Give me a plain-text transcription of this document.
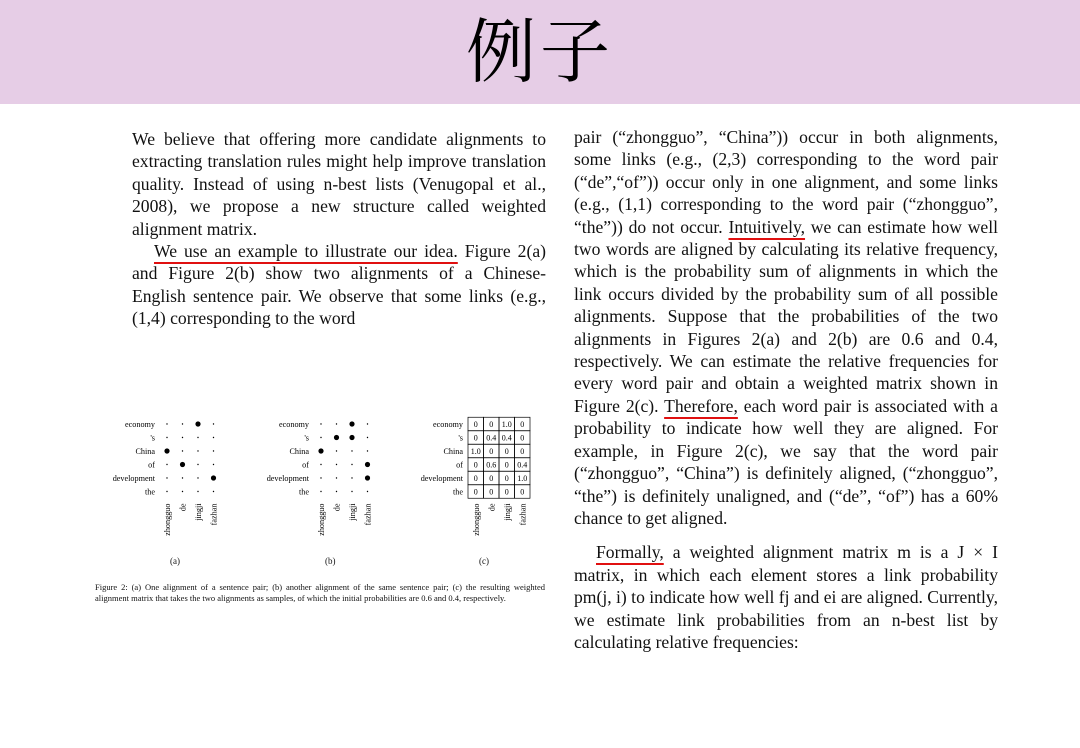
例子

We believe that offering more candidate alignments to extracting translation rules might help improve translation quality. Instead of using n-best lists (Venugopal et al., 2008), we propose a new structure called weighted alignment matrix.

We use an example to illustrate our idea. Figure 2(a) and Figure 2(b) show two alignments of a Chinese-English sentence pair. We observe that some links (e.g., (1,4) corresponding to the word

economy
's
China
of
development
the
zhongguo de jingji fazhan
economy
's
China
of
development
the
zhongguo de jingji fazhan
economy
's
China
of
development
the
zhongguo de jingji fazhan
0 0 1.0 0
0 0.4 0.4 0
1.0 0 0 0
0 0.6 0 0.4
0 0 0 1.0
0 0 0 0
(a)	(b)	(c)
Figure 2: (a) One alignment of a sentence pair; (b) another alignment of the same sentence pair; (c) the resulting weighted alignment matrix that takes the two alignments as samples, of which the initial probabilities are 0.6 and 0.4, respectively.

pair (“zhongguo”, “China”)) occur in both alignments, some links (e.g., (2,3) corresponding to the word pair (“de”,“of”)) occur only in one alignment, and some links (e.g., (1,1) corresponding to the word pair (“zhongguo”, “the”)) do not occur. Intuitively, we can estimate how well two words are aligned by calculating its relative frequency, which is the probability sum of alignments in which the link occurs divided by the probability sum of all possible alignments. Suppose that the probabilities of the two alignments in Figures 2(a) and 2(b) are 0.6 and 0.4, respectively. We can estimate the relative frequencies for every word pair and obtain a weighted matrix shown in Figure 2(c). Therefore, each word pair is associated with a probability to indicate how well they are aligned. For example, in Figure 2(c), we say that the word pair (“zhongguo”, “China”) is definitely aligned, (“zhongguo”, “the”) is definitely unaligned, and (“de”, “of”) has a 60% chance to get aligned.

Formally, a weighted alignment matrix m is a J × I matrix, in which each element stores a link probability pm(j, i) to indicate how well fj and ei are aligned. Currently, we estimate link probabilities from an n-best list by calculating relative frequencies:
